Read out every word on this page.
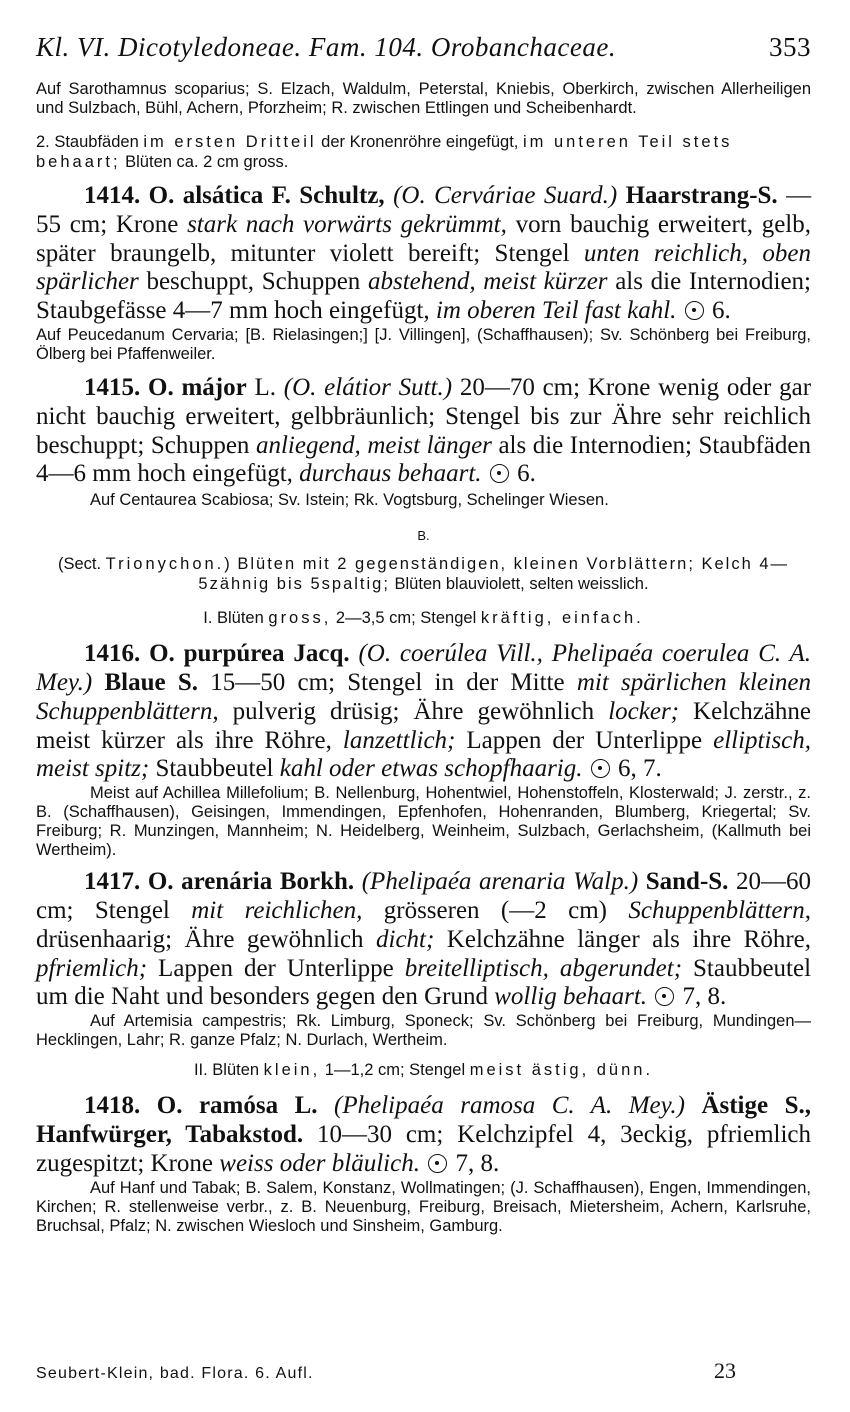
Kl. VI. Dicotyledoneae. Fam. 104. Orobanchaceae.	353

Auf Sarothamnus scoparius; S. Elzach, Waldulm, Peterstal, Kniebis, Oberkirch, zwischen Allerheiligen und Sulzbach, Bühl, Achern, Pforzheim; R. zwischen Ettlingen und Scheibenhardt.

2. Staubfäden im ersten Dritteil der Kronenröhre eingefügt, im unteren Teil stets behaart; Blüten ca. 2 cm gross.

1414. O. alsática F. Schultz, (O. Cerváriae Suard.) Haarstrang-S. —55 cm; Krone stark nach vorwärts gekrümmt, vorn bauchig erweitert, gelb, später braungelb, mitunter violett bereift; Stengel unten reichlich, oben spärlicher beschuppt, Schuppen abstehend, meist kürzer als die Internodien; Staubgefässe 4—7 mm hoch eingefügt, im oberen Teil fast kahl. 6.

Auf Peucedanum Cervaria; [B. Rielasingen;] [J. Villingen], (Schaffhausen); Sv. Schönberg bei Freiburg, Ölberg bei Pfaffenweiler.

1415. O. májor L. (O. elátior Sutt.) 20—70 cm; Krone wenig oder gar nicht bauchig erweitert, gelbbräunlich; Stengel bis zur Ähre sehr reichlich beschuppt; Schuppen anliegend, meist länger als die Internodien; Staubfäden 4—6 mm hoch eingefügt, durchaus behaart. 6.

Auf Centaurea Scabiosa; Sv. Istein; Rk. Vogtsburg, Schelinger Wiesen.

B.

(Sect. Trionychon.) Blüten mit 2 gegenständigen, kleinen Vorblättern; Kelch 4—5zähnig bis 5spaltig; Blüten blauviolett, selten weisslich.

I. Blüten gross, 2—3,5 cm; Stengel kräftig, einfach.

1416. O. purpúrea Jacq. (O. coerúlea Vill., Phelipaéa coerulea C. A. Mey.) Blaue S. 15—50 cm; Stengel in der Mitte mit spärlichen kleinen Schuppenblättern, pulverig drüsig; Ähre gewöhnlich locker; Kelchzähne meist kürzer als ihre Röhre, lanzettlich; Lappen der Unterlippe elliptisch, meist spitz; Staubbeutel kahl oder etwas schopfhaarig. 6, 7.

Meist auf Achillea Millefolium; B. Nellenburg, Hohentwiel, Hohenstoffeln, Klosterwald; J. zerstr., z. B. (Schaffhausen), Geisingen, Immendingen, Epfenhofen, Hohenranden, Blumberg, Kriegertal; Sv. Freiburg; R. Munzingen, Mannheim; N. Heidelberg, Weinheim, Sulzbach, Gerlachsheim, (Kallmuth bei Wertheim).

1417. O. arenária Borkh. (Phelipaéa arenaria Walp.) Sand-S. 20—60 cm; Stengel mit reichlichen, grösseren (—2 cm) Schuppenblättern, drüsenhaarig; Ähre gewöhnlich dicht; Kelchzähne länger als ihre Röhre, pfriemlich; Lappen der Unterlippe breitelliptisch, abgerundet; Staubbeutel um die Naht und besonders gegen den Grund wollig behaart. 7, 8.

Auf Artemisia campestris; Rk. Limburg, Sponeck; Sv. Schönberg bei Freiburg, Mundingen—Hecklingen, Lahr; R. ganze Pfalz; N. Durlach, Wertheim.

II. Blüten klein, 1—1,2 cm; Stengel meist ästig, dünn.

1418. O. ramósa L. (Phelipaéa ramosa C. A. Mey.) Ästige S., Hanfwürger, Tabakstod. 10—30 cm; Kelchzipfel 4, 3eckig, pfriemlich zugespitzt; Krone weiss oder bläulich. 7, 8.

Auf Hanf und Tabak; B. Salem, Konstanz, Wollmatingen; (J. Schaffhausen), Engen, Immendingen, Kirchen; R. stellenweise verbr., z. B. Neuenburg, Freiburg, Breisach, Mietersheim, Achern, Karlsruhe, Bruchsal, Pfalz; N. zwischen Wiesloch und Sinsheim, Gamburg.

Seubert-Klein, bad. Flora. 6. Aufl.	23
